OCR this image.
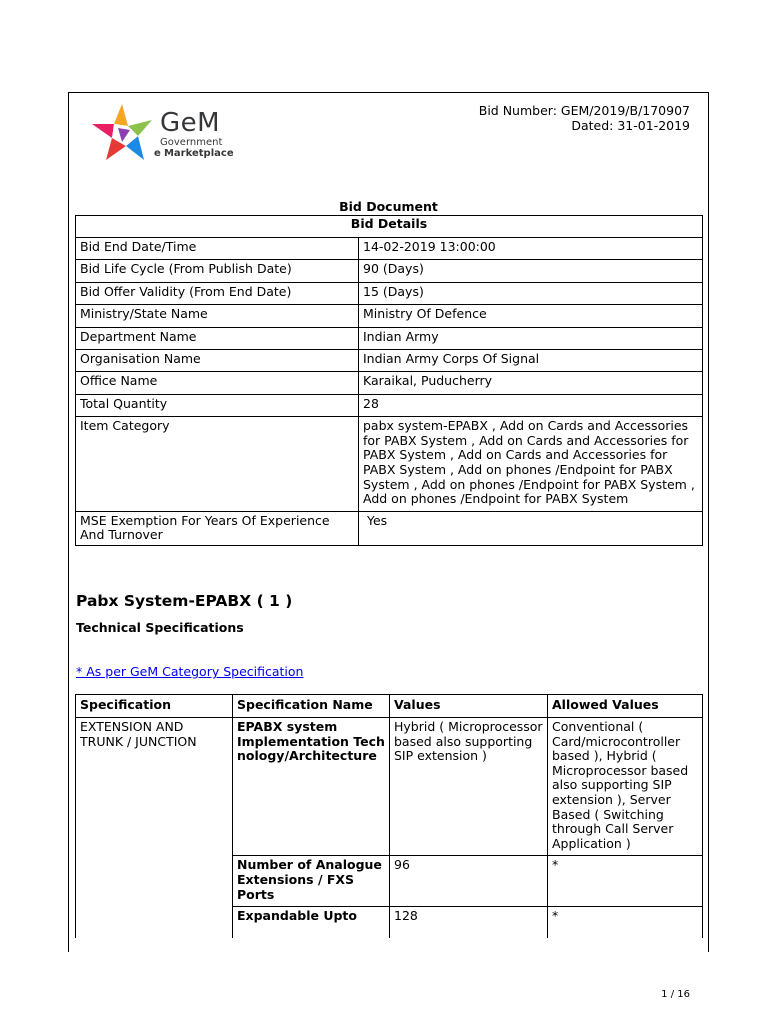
GeM
Government
e Marketplace
Bid Number: GEM/2019/B/170907
Dated: 31-01-2019
Bid Document
Bid Details	
Bid End Date/Time	14-02-2019 13:00:00
Bid Life Cycle (From Publish Date)	90 (Days)
Bid Offer Validity (From End Date)	15 (Days)
Ministry/State Name	Ministry Of Defence
Department Name	Indian Army
Organisation Name	Indian Army Corps Of Signal
Office Name	Karaikal, Puducherry
Total Quantity	28
Item Category	pabx system-EPABX , Add on Cards and Accessories for PABX System , Add on Cards and Accessories for PABX System , Add on Cards and Accessories for PABX System , Add on phones /Endpoint for PABX System , Add on phones /Endpoint for PABX System , Add on phones /Endpoint for PABX System
MSE Exemption For Years Of Experience And Turnover	Yes
Pabx System-EPABX ( 1 )
Technical Specifications
* As per GeM Category Specification
Specification	Specification Name	Values	Allowed Values
EXTENSION AND TRUNK / JUNCTION	EPABX system Implementation Tech nology/Architecture	Hybrid ( Microprocessor based also supporting SIP extension )	Conventional ( Card/microcontroller based ), Hybrid ( Microprocessor based also supporting SIP extension ), Server Based ( Switching through Call Server Application )
	Number of Analogue Extensions / FXS Ports	96	*
	Expandable Upto	128	*
1 / 16
